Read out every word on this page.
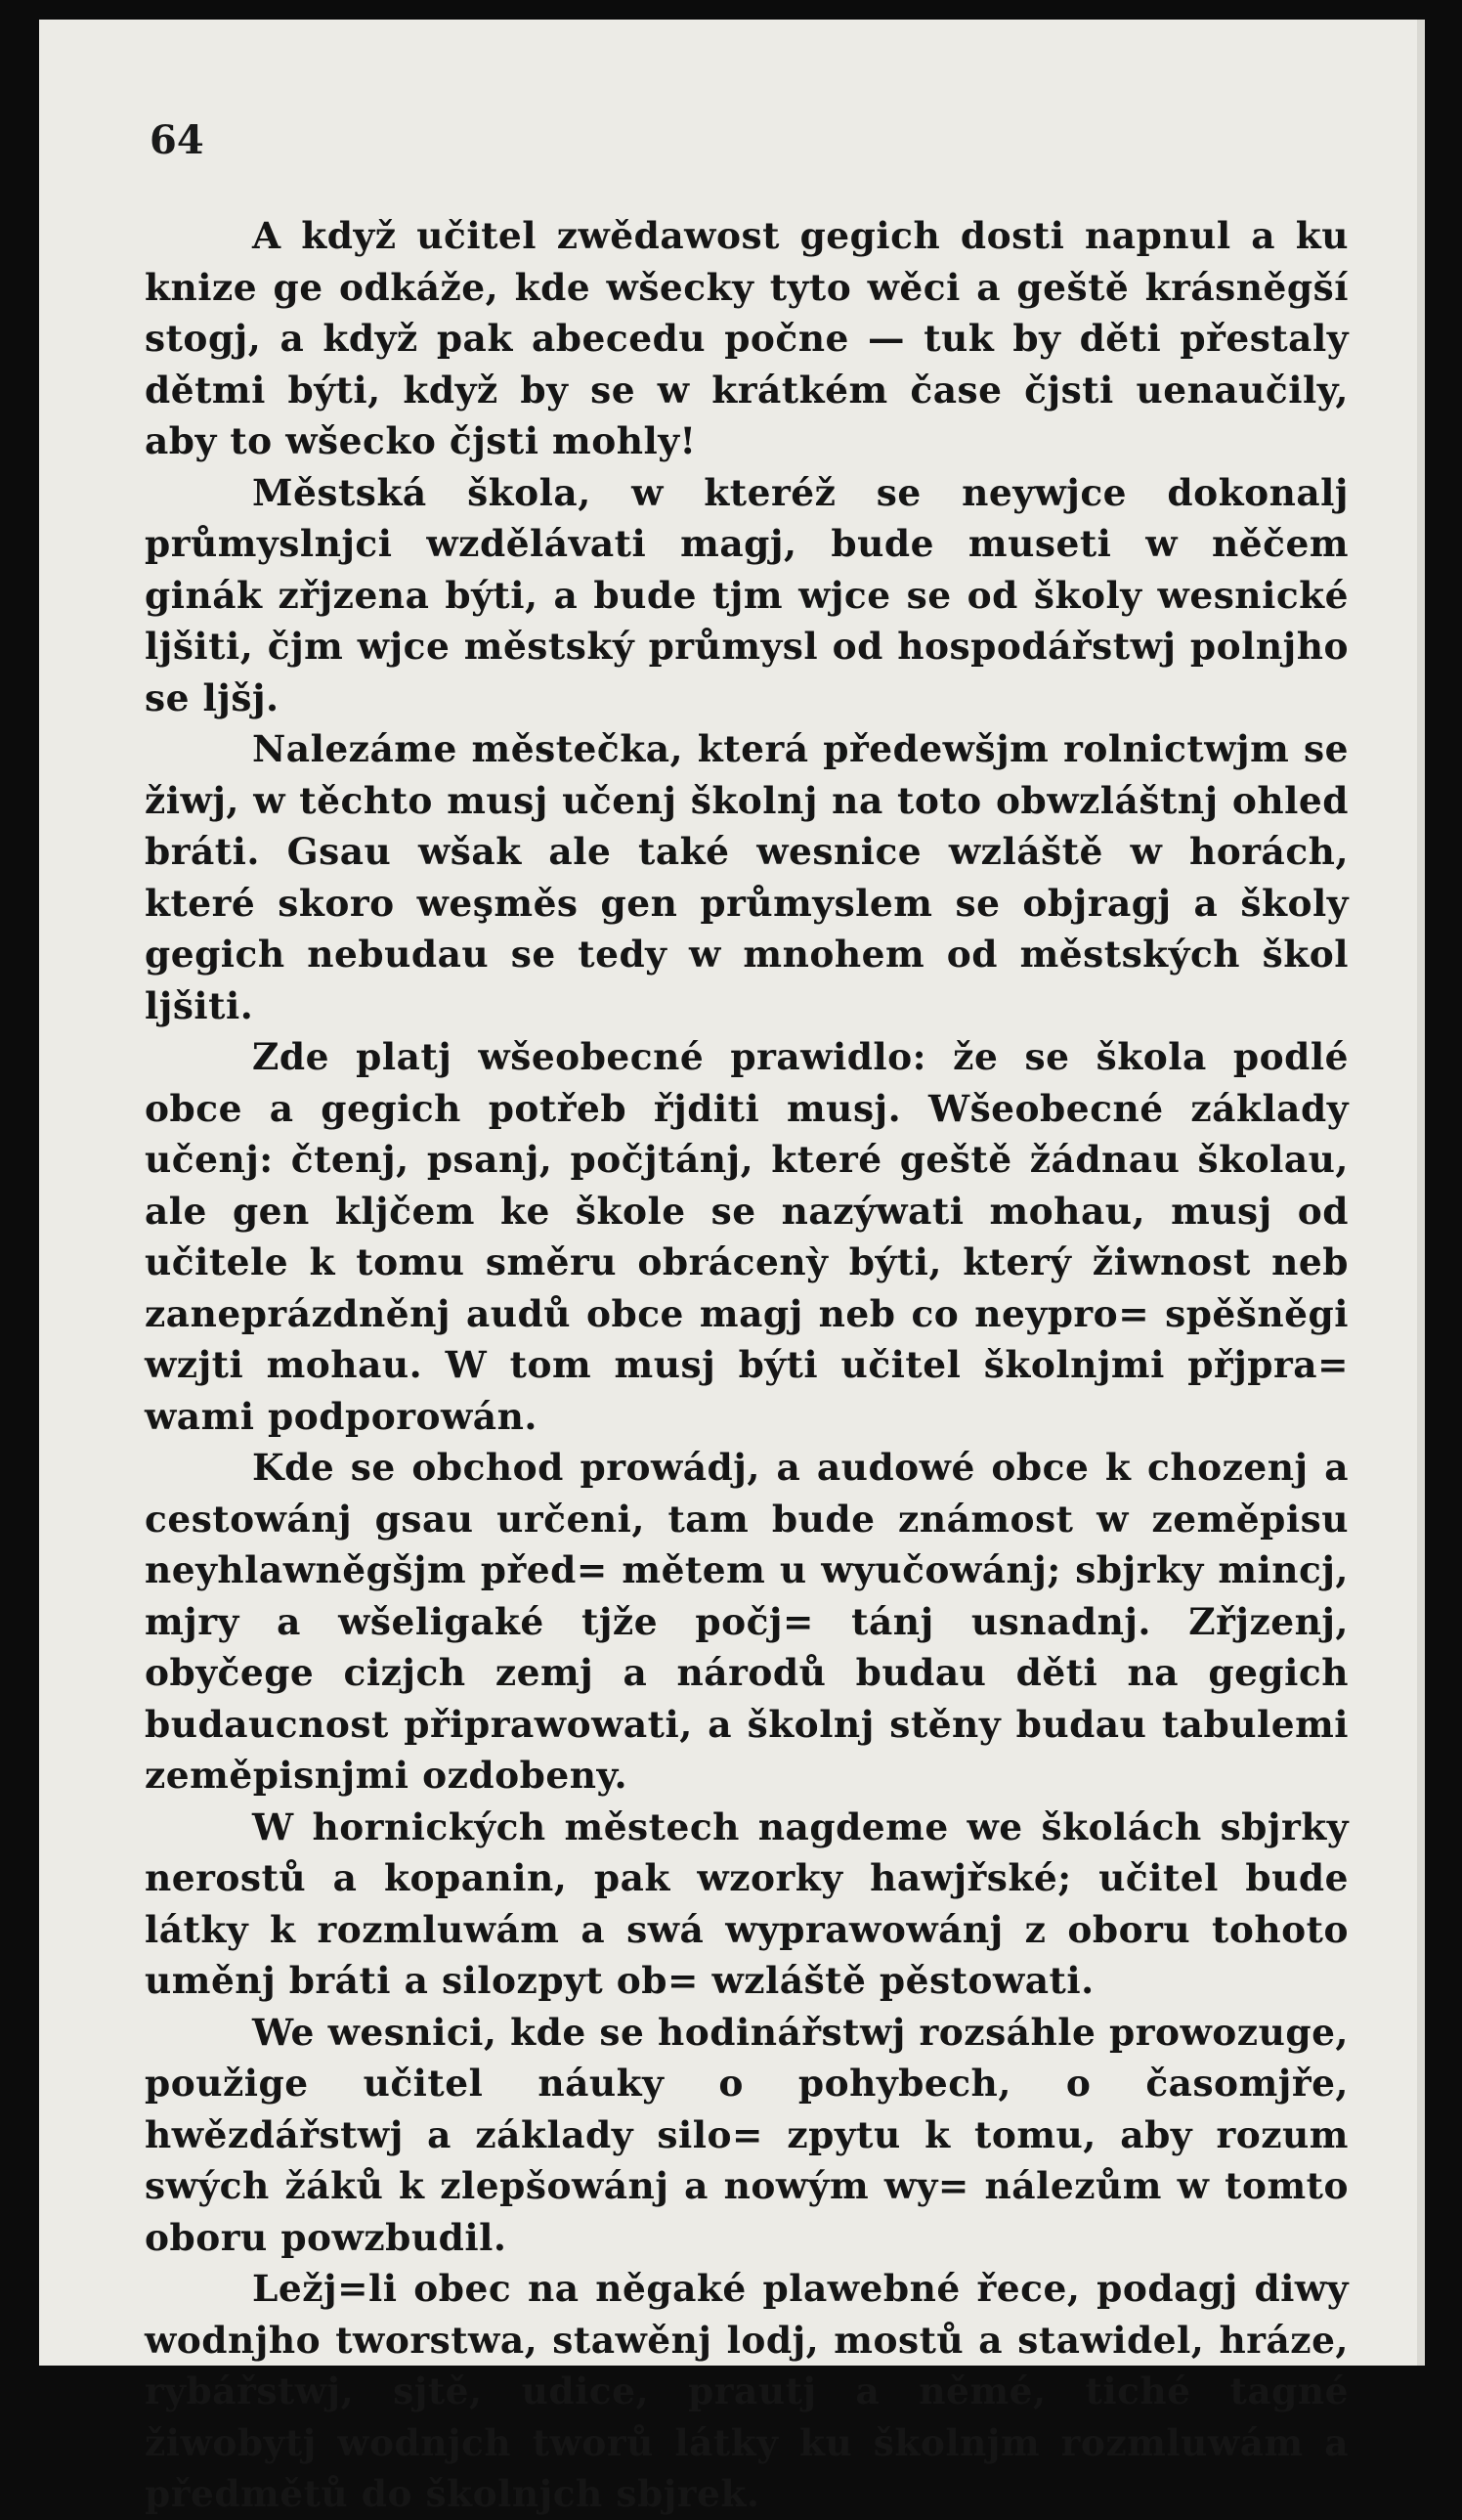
64

A když učitel zwědawost gegich dosti napnul a ku knize ge odkáže, kde wšecky tyto wěci a geště krásněgší stogj, a když pak abecedu počne — tuk by děti přestaly dětmi býti, když by se w krátkém čase čjsti uenaučily, aby to wšecko čjsti mohly!

Městská škola, w kteréž se neywjce dokonalj průmyslnjci wzdělávati magj, bude museti w něčem ginák zřjzena býti, a bude tjm wjce se od školy wesnické ljšiti, čjm wjce městský průmysl od hospodářstwj polnjho se ljšj.

Nalezáme městečka, která předewšjm rolnictwjm se žiwj, w těchto musj učenj školnj na toto obwzláštnj ohled bráti. Gsau wšak ale také wesnice wzláště w horách, které skoro weşměs gen průmyslem se objragj a školy gegich nebudau se tedy w mnohem od městských škol ljšiti.

Zde platj wšeobecné prawidlo: že se škola podlé obce a gegich potřeb řjditi musj. Wšeobecné základy učenj: čtenj, psanj, počjtánj, které geště žádnau školau, ale gen kljčem ke škole se nazýwati mohau, musj od učitele k tomu směru obrácenỳ býti, který žiwnost neb zaneprázdněnj audů obce magj neb co neypro= spěšněgi wzjti mohau. W tom musj býti učitel školnjmi přjpra= wami podporowán.

Kde se obchod prowádj, a audowé obce k chozenj a cestowánj gsau určeni, tam bude známost w zeměpisu neyhlawněgšjm před= mětem u wyučowánj; sbjrky mincj, mjry a wšeligaké tjže počj= tánj usnadnj. Zřjzenj, obyčege cizjch zemj a národů budau děti na gegich budaucnost připrawowati, a školnj stěny budau tabulemi zeměpisnjmi ozdobeny.

W hornických městech nagdeme we školách sbjrky nerostů a kopanin, pak wzorky hawjřské; učitel bude látky k rozmluwám a swá wyprawowánj z oboru tohoto uměnj bráti a silozpyt ob= wzláště pěstowati.

We wesnici, kde se hodinářstwj rozsáhle prowozuge, použige učitel náuky o pohybech, o časomjře, hwězdářstwj a základy silo= zpytu k tomu, aby rozum swých žáků k zlepšowánj a nowým wy= nálezům w tomto oboru powzbudil.

Ležj=li obec na něgaké plawebné řece, podagj diwy wodnjho tworstwa, stawěnj lodj, mostů a stawidel, hráze, rybářstwj, sjtě, udice, prautj a němé, tiché tagné žiwobytj wodnjch tworů látky ku školnjm rozmluwám a předmětů do školnjch sbjrek.
